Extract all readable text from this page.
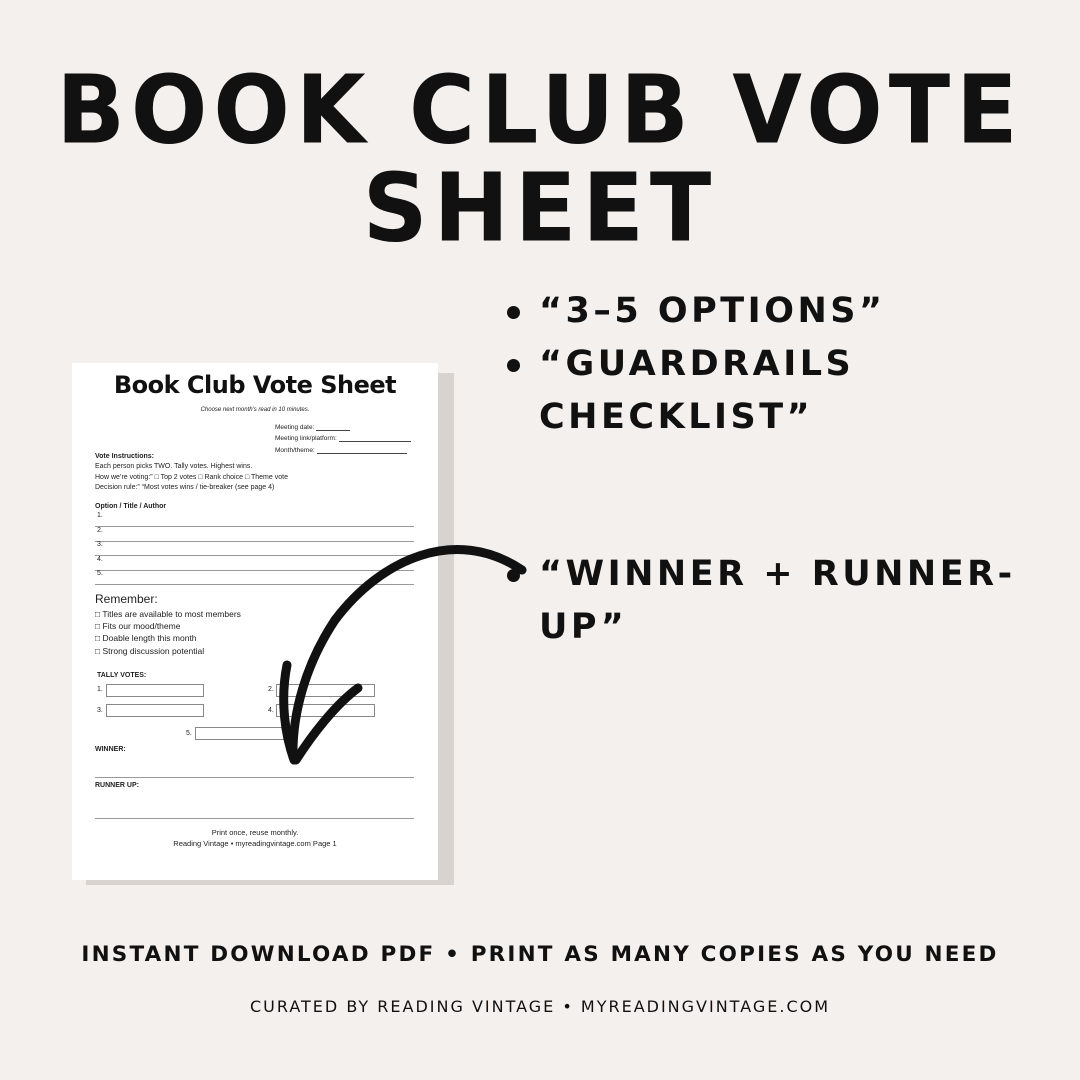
BOOK CLUB VOTE
SHEET
“3–5 OPTIONS”
“GUARDRAILS CHECKLIST”
“WINNER + RUNNER-UP”
Book Club Vote Sheet
Choose next month's read in 10 minutes.
Meeting date:
Meeting link/platform:
Month/theme:
Vote Instructions:
Each person picks TWO. Tally votes. Highest wins.
How we’re voting:” □ Top 2 votes □ Rank choice □ Theme vote
Decision rule:” “Most votes wins / tie-breaker (see page 4)
Option / Title / Author
1.
2.
3.
4.
5.
Remember:
□ Titles are available to most members
□ Fits our mood/theme
□ Doable length this month
□ Strong discussion potential
TALLY VOTES:
1.	2.
3.	4.
5.
WINNER:
RUNNER UP:
Print once, reuse monthly.
Reading Vintage • myreadingvintage.com Page 1
INSTANT DOWNLOAD PDF • PRINT AS MANY COPIES AS YOU NEED
CURATED BY READING VINTAGE • MYREADINGVINTAGE.COM
